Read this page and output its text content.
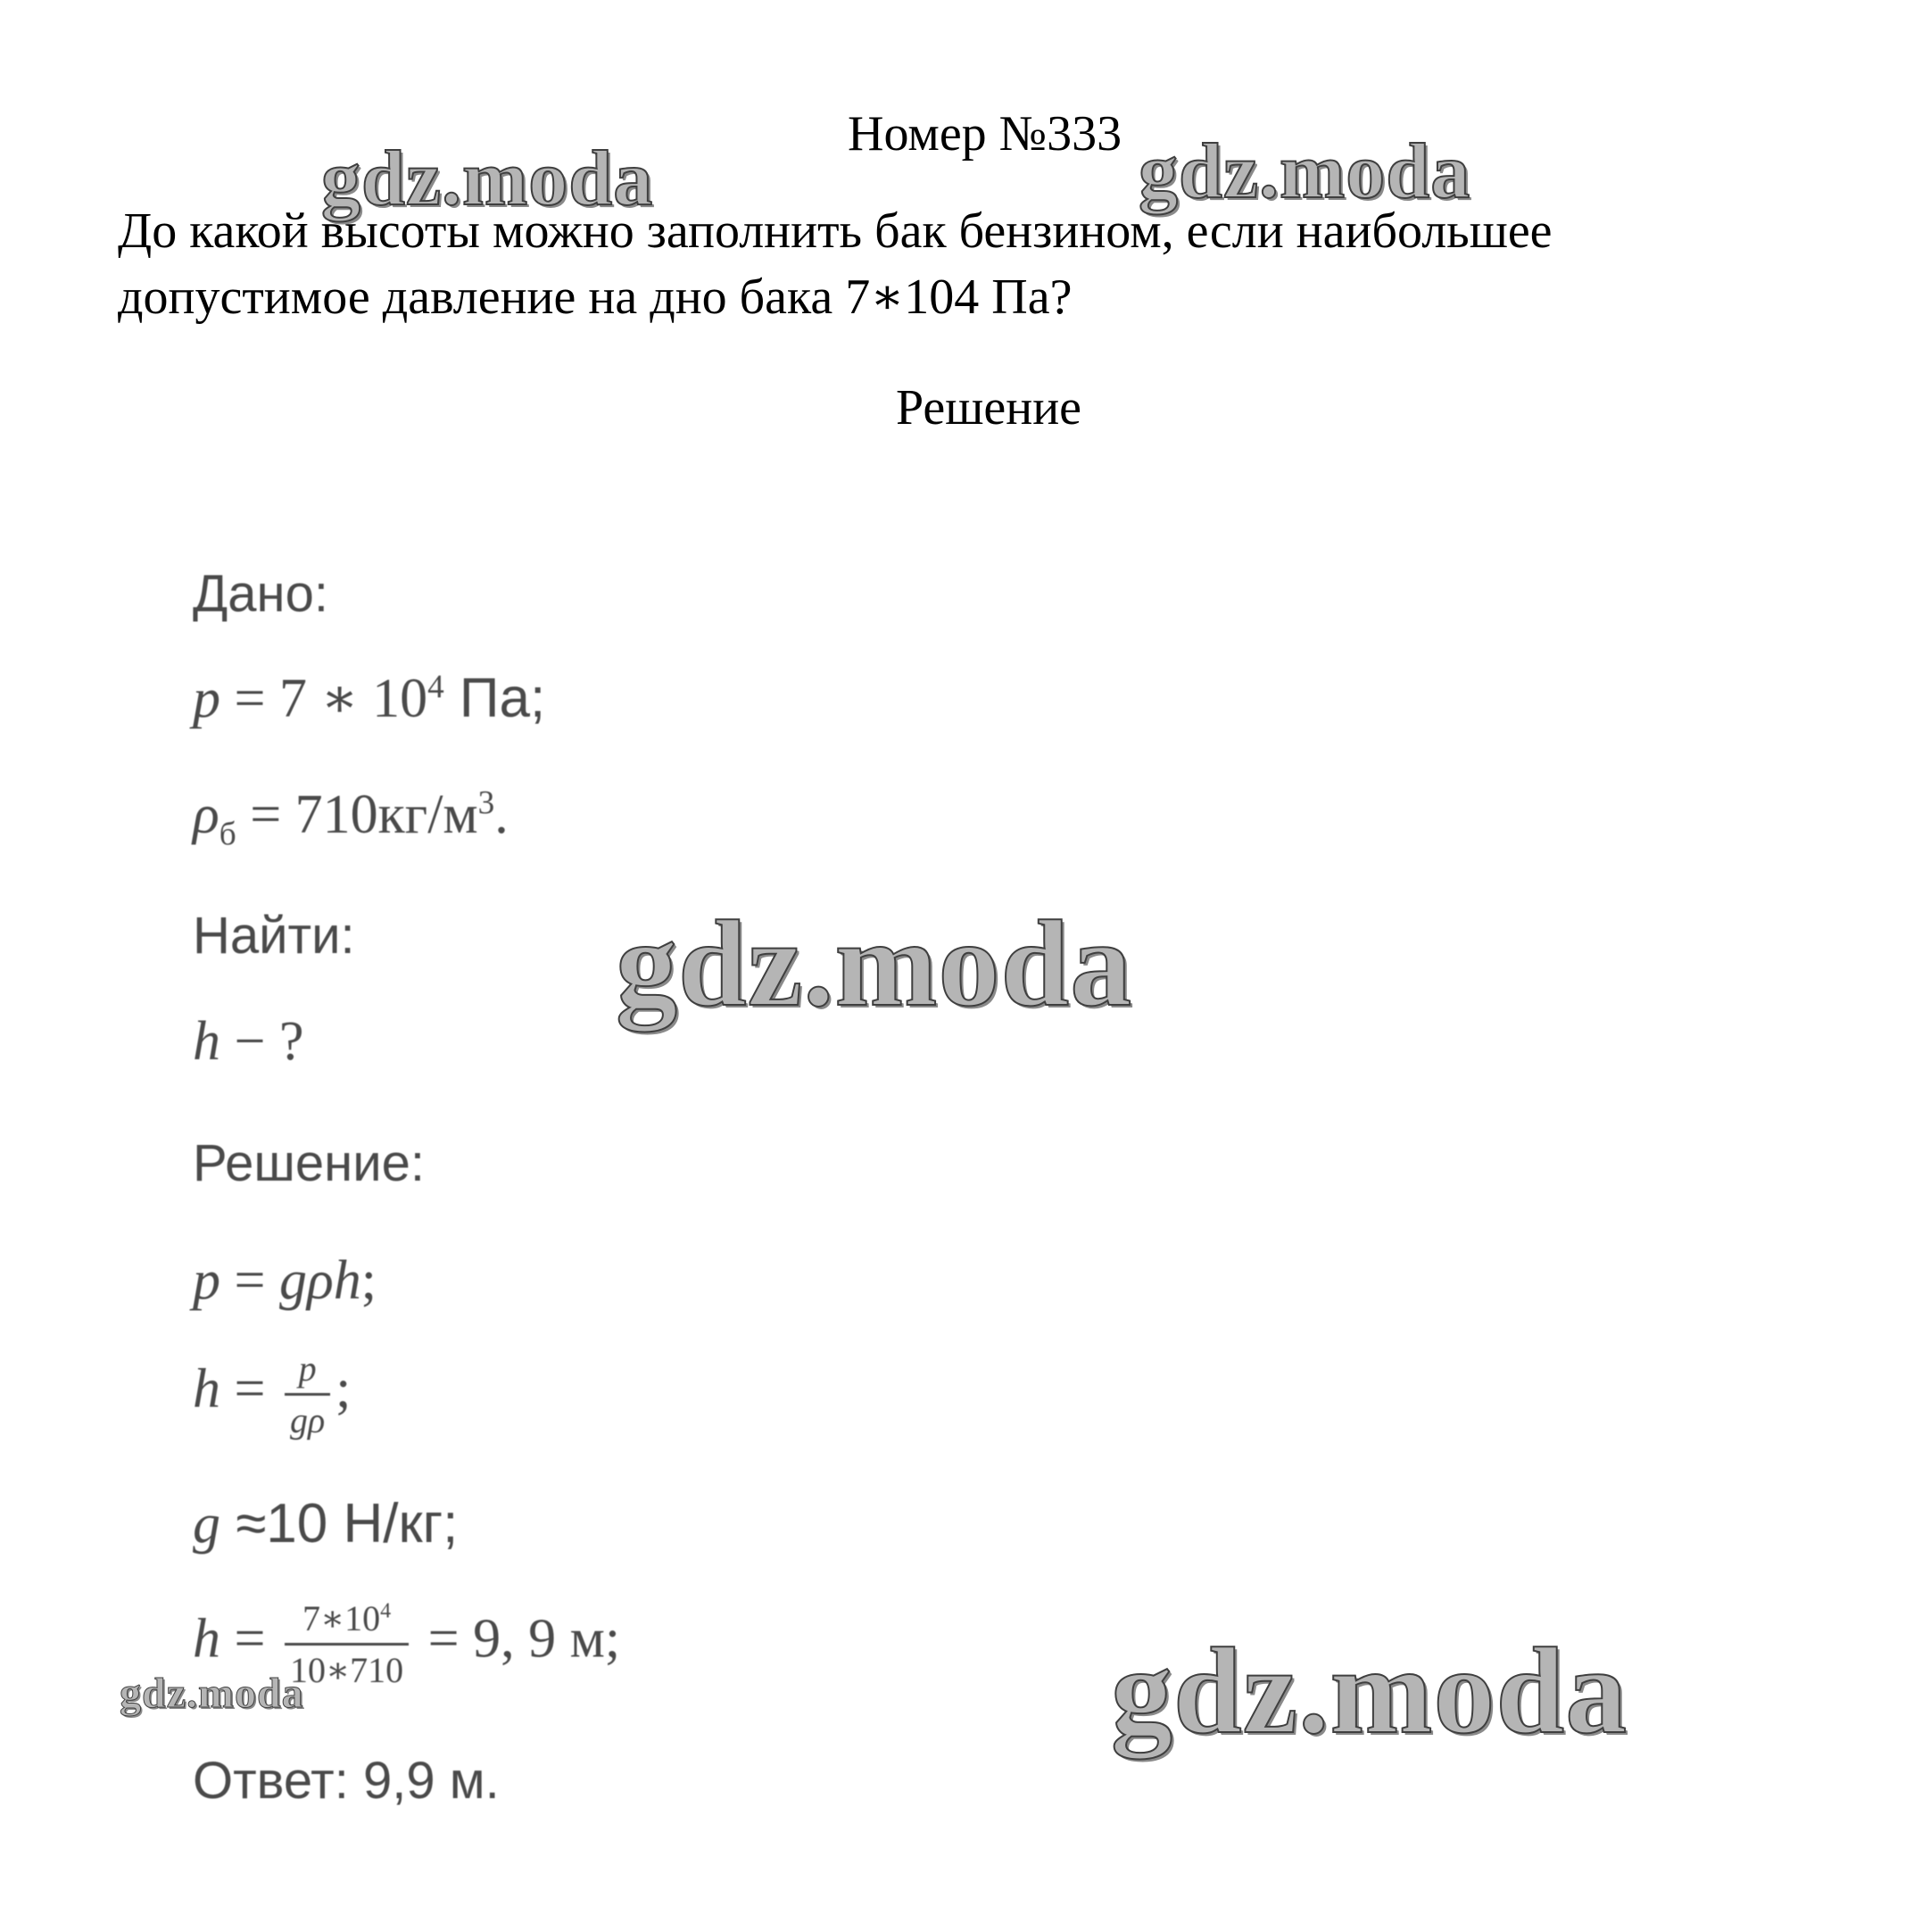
Номер №333
До какой высоты можно заполнить бак бензином, если наибольшее
допустимое давление на дно бака 7∗104 Па?
Решение
Дано:
p = 7 ∗ $10^4$ Па;
$\rho_б = 710кг/м^3$.
Найти:
h − ?
Решение:
p = gρh;
$h = \frac{p}{g\rho}$ ;
g ≈10 Н/кг;
$h = \frac{7∗10^4}{10∗710} = 9$, 9 м;
Ответ: 9,9 м.
gdz.moda	gdz.moda
gdz.moda
gdz.moda
gdz.moda
